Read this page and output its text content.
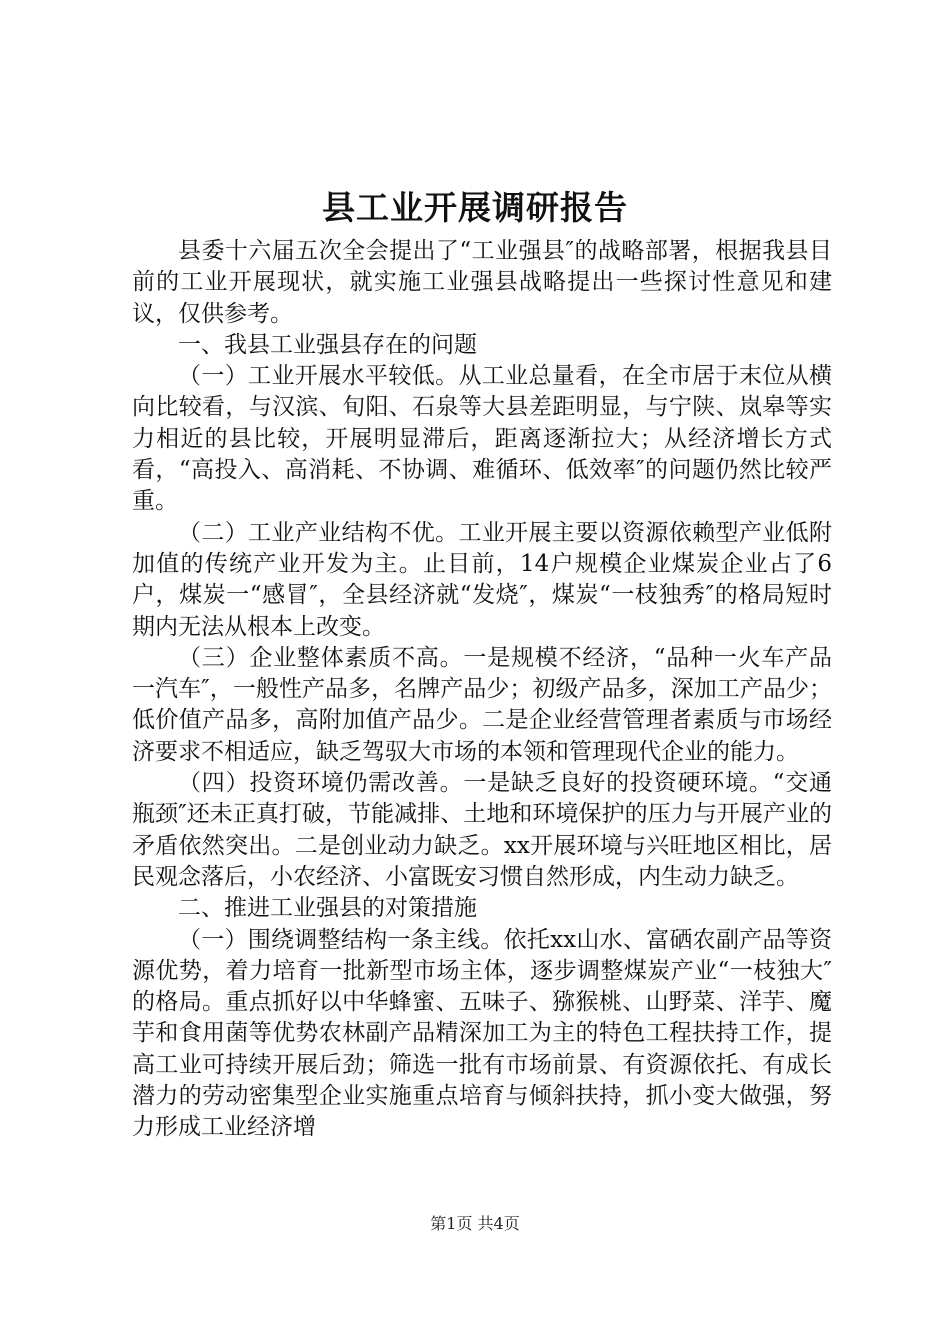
县工业开展调研报告

县委十六届五次全会提出了“工业强县″的战略部署，根据我县目前的工业开展现状，就实施工业强县战略提出一些探讨性意见和建议，仅供参考。

一、我县工业强县存在的问题

（一）工业开展水平较低。从工业总量看，在全市居于末位从横向比较看，与汉滨、旬阳、石泉等大县差距明显，与宁陕、岚皋等实力相近的县比较，开展明显滞后，距离逐渐拉大；从经济增长方式看，“高投入、高消耗、不协调、难循环、低效率″的问题仍然比较严重。

（二）工业产业结构不优。工业开展主要以资源依赖型产业低附加值的传统产业开发为主。止目前，14户规模企业煤炭企业占了6户，煤炭一“感冒″，全县经济就“发烧″，煤炭“一枝独秀″的格局短时期内无法从根本上改变。

（三）企业整体素质不高。一是规模不经济，“品种一火车产品一汽车″，一般性产品多，名牌产品少；初级产品多，深加工产品少；低价值产品多，高附加值产品少。二是企业经营管理者素质与市场经济要求不相适应，缺乏驾驭大市场的本领和管理现代企业的能力。

（四）投资环境仍需改善。一是缺乏良好的投资硬环境。“交通瓶颈″还未正真打破，节能减排、土地和环境保护的压力与开展产业的矛盾依然突出。二是创业动力缺乏。xx开展环境与兴旺地区相比，居民观念落后，小农经济、小富既安习惯自然形成，内生动力缺乏。

二、推进工业强县的对策措施

（一）围绕调整结构一条主线。依托xx山水、富硒农副产品等资源优势，着力培育一批新型市场主体，逐步调整煤炭产业“一枝独大″的格局。重点抓好以中华蜂蜜、五味子、猕猴桃、山野菜、洋芋、魔芋和食用菌等优势农林副产品精深加工为主的特色工程扶持工作，提高工业可持续开展后劲；筛选一批有市场前景、有资源依托、有成长潜力的劳动密集型企业实施重点培育与倾斜扶持，抓小变大做强，努力形成工业经济增

第1页 共4页
